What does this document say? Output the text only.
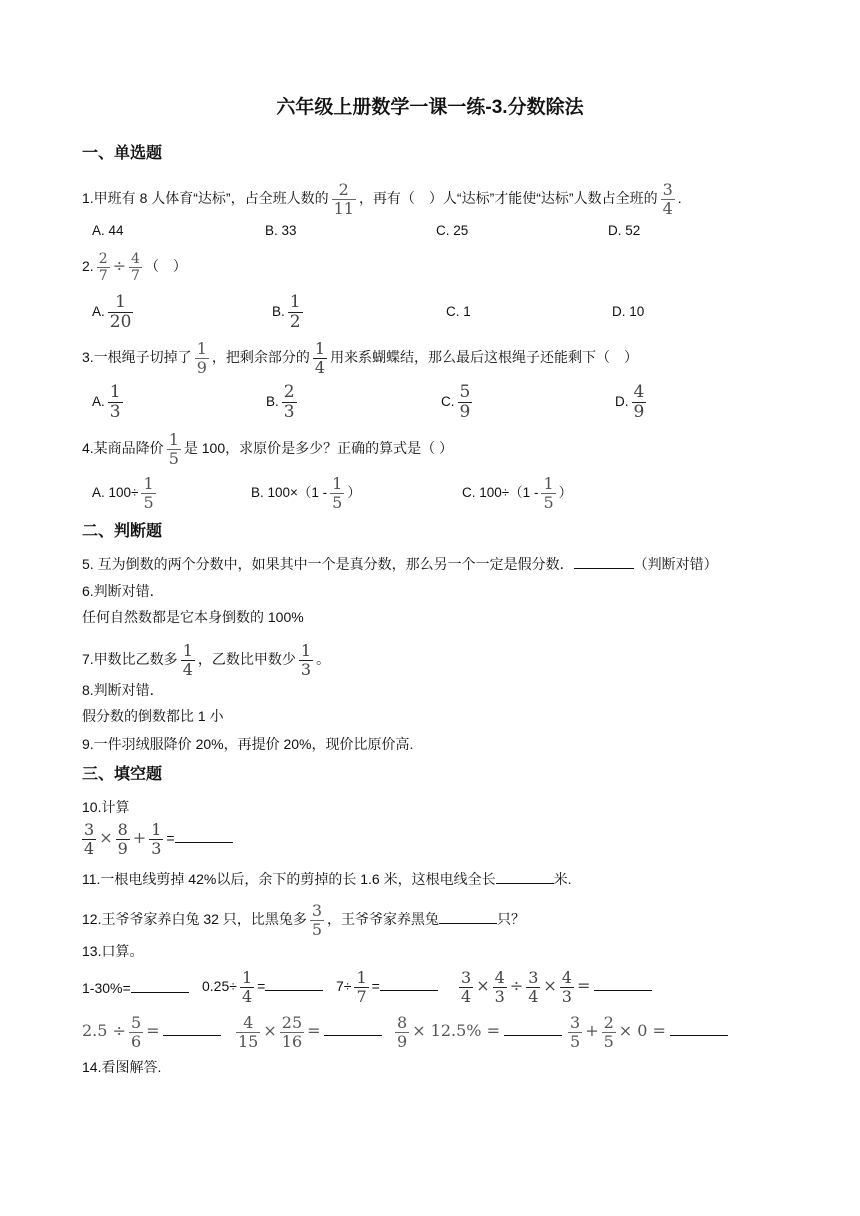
六年级上册数学一课一练-3.分数除法
一、单选题
1.甲班有 8 人体育“达标”，占全班人数的 $\frac{2}{11}$ ，再有（　）人“达标”才能使“达标”人数占全班的 $\frac{3}{4}$ .
A. 44	B. 33	C. 25	D. 52
2. $\frac{2}{7} \div \frac{4}{7}$ （　）
A. $\frac{1}{20}$	B. $\frac{1}{2}$	C. 1	D. 10
3.一根绳子切掉了 $\frac{1}{9}$ ，把剩余部分的 $\frac{1}{4}$ 用来系蝴蝶结，那么最后这根绳子还能剩下（　）
A. $\frac{1}{3}$	B. $\frac{2}{3}$	C. $\frac{5}{9}$	D. $\frac{4}{9}$
4.某商品降价 $\frac{1}{5}$ 是 100，求原价是多少？正确的算式是（ ）
A. $100\div \frac{1}{5}$	B. $100\times(1 - \frac{1}{5}$ ）	C. $100\div(1 - \frac{1}{5}$ ）
二、判断题
5. 互为倒数的两个分数中，如果其中一个是真分数，那么另一个一定是假分数．	（判断对错）
6.判断对错．
任何自然数都是它本身倒数的 100%
7.甲数比乙数多 $\frac{1}{4}$ ，乙数比甲数少 $\frac{1}{3}$ 。
8.判断对错．
假分数的倒数都比 1 小
9.一件羽绒服降价 20%，再提价 20%，现价比原价高.
三、填空题
10.计算
$\frac{3}{4} \times \frac{8}{9} + \frac{1}{3}$ =
11.一根电线剪掉 42%以后，余下的剪掉的长 1.6 米，这根电线全长	米.
12.王爷爷家养白兔 32 只，比黑兔多 $\frac{3}{5}$ ，王爷爷家养黑兔	只？
13.口算。
1-30%=	$0.25\div \frac{1}{4}$ =	$7\div \frac{1}{7}$ =	$\frac{3}{4} \times \frac{4}{3} \div \frac{3}{4} \times \frac{4}{3}$ =
$2.5 \div \frac{5}{6}$ =	$\frac{4}{15} \times \frac{25}{16}$ =	$\frac{8}{9} \times 12.5\%$ =	$\frac{3}{5} + \frac{2}{5} \times 0$ =
14.看图解答.
